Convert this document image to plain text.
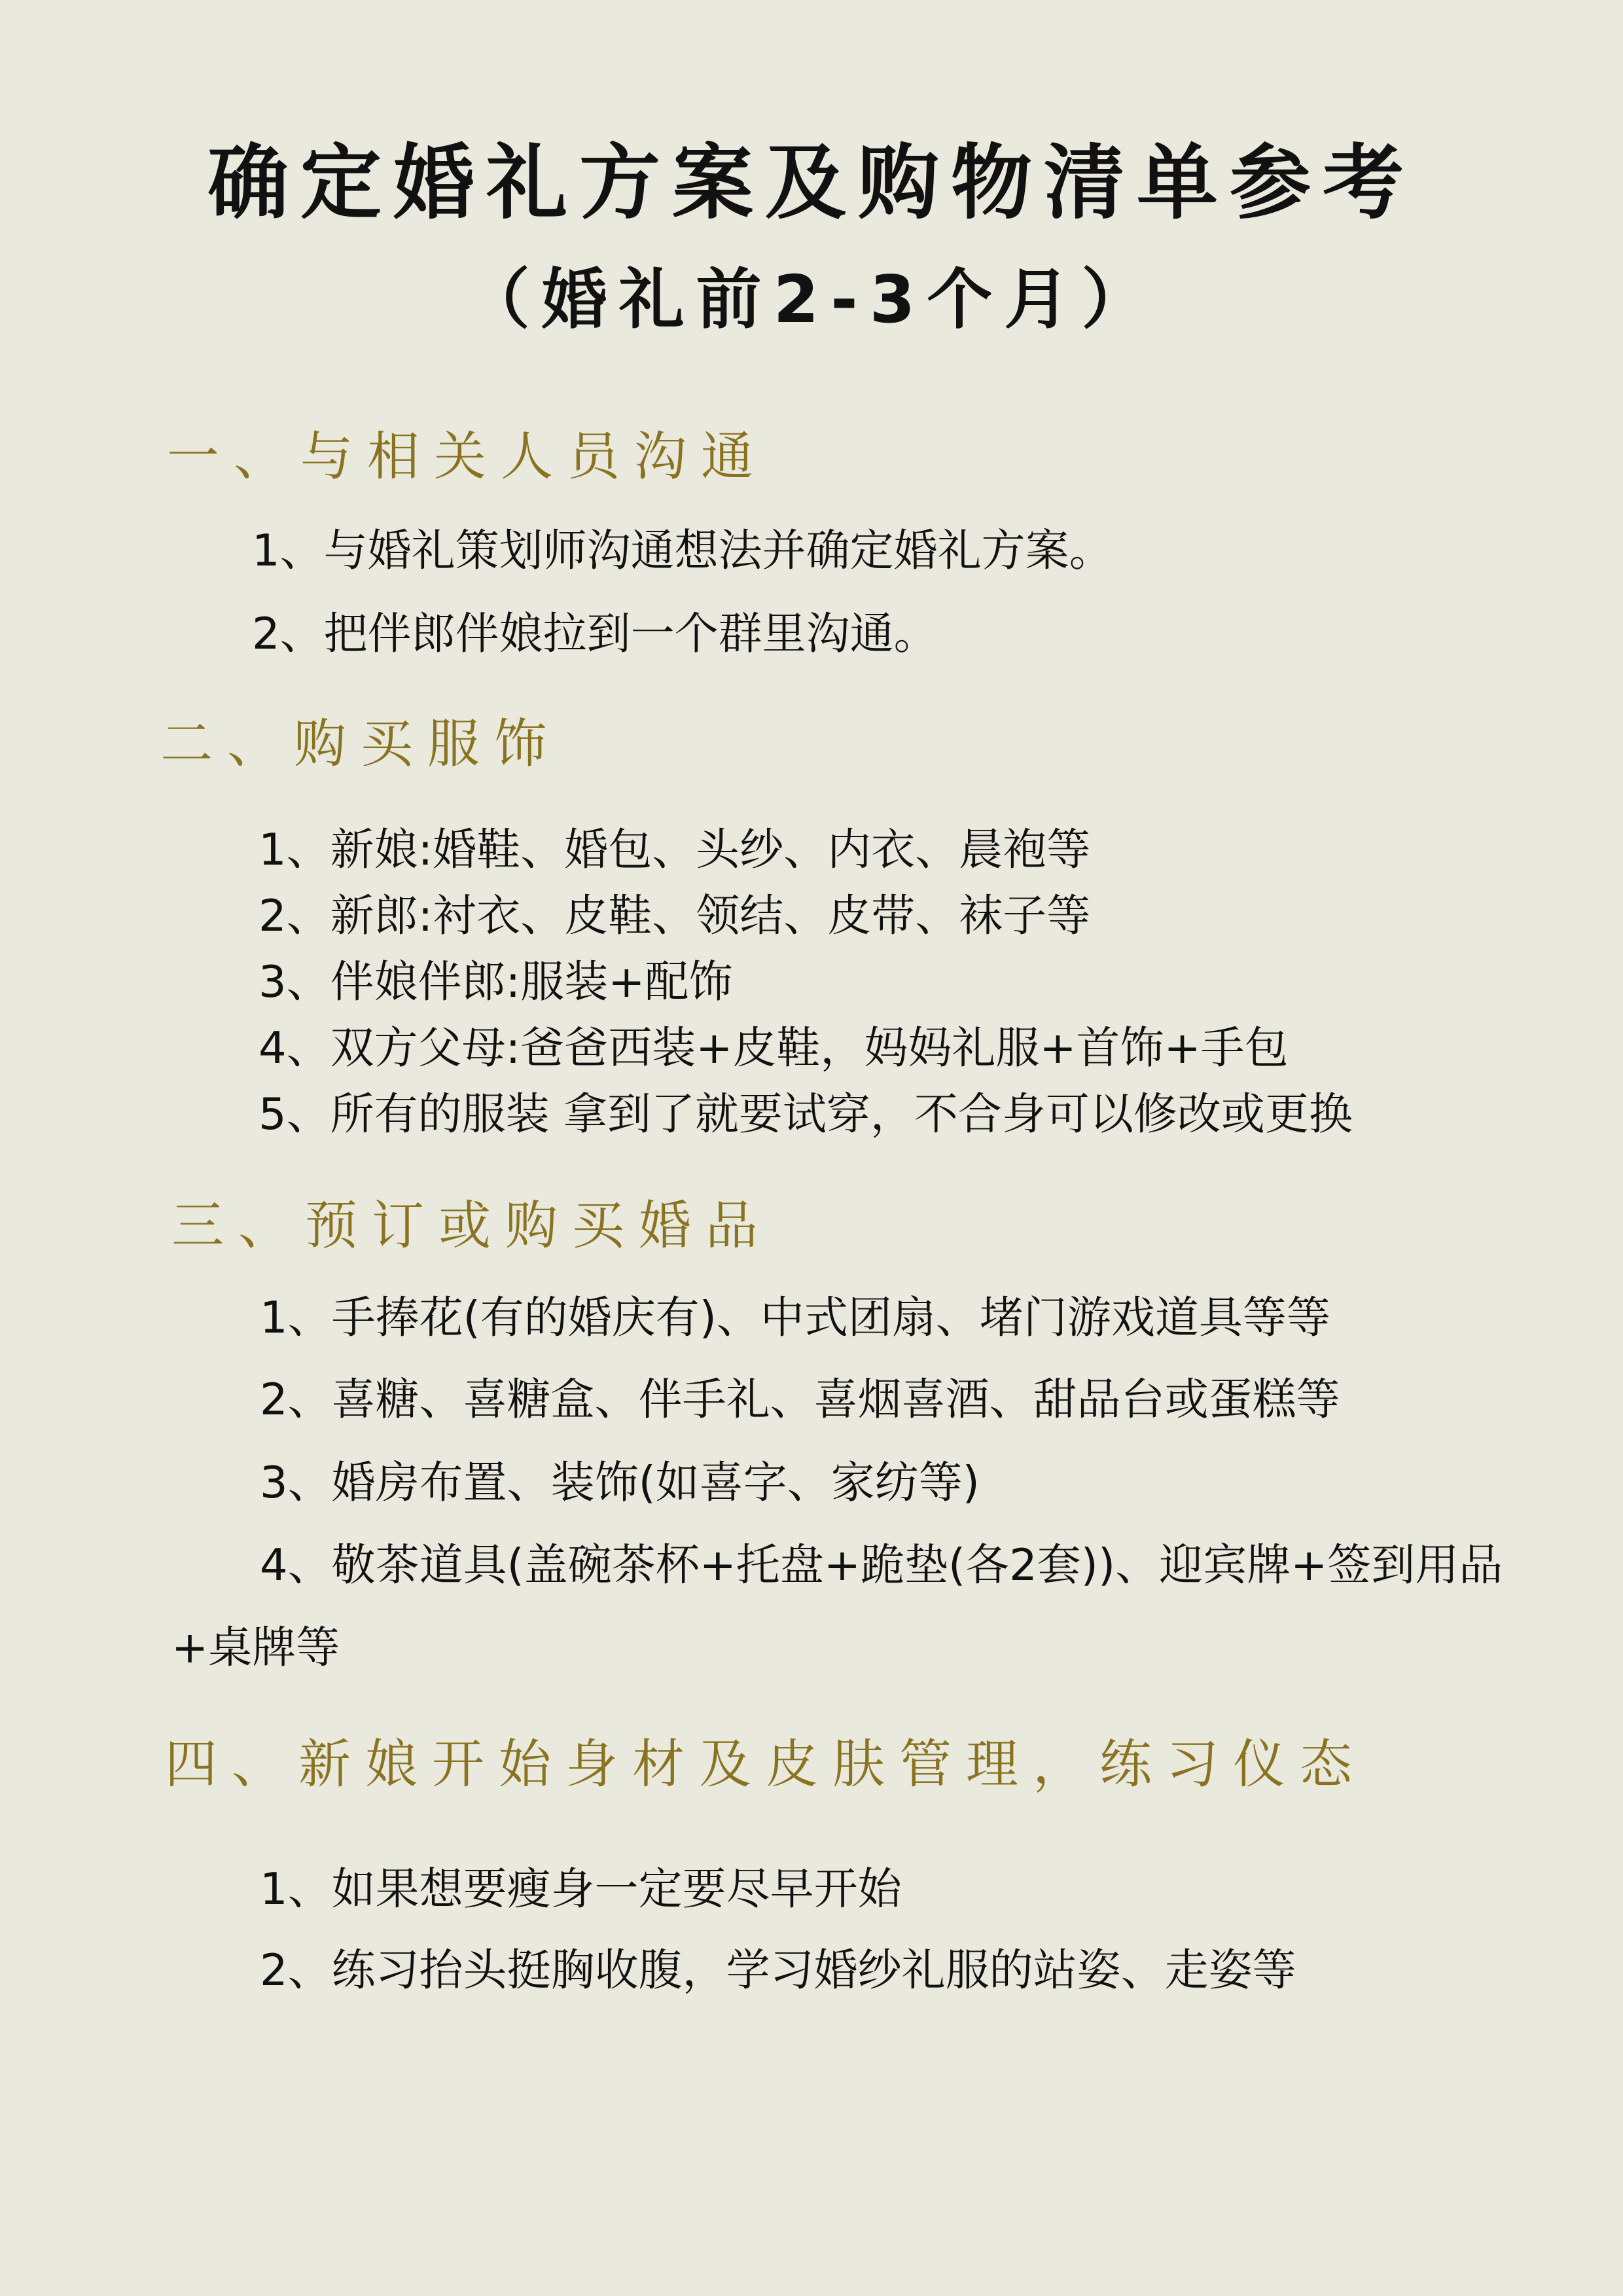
确定婚礼方案及购物清单参考
（婚礼前2-3个月）
一、与相关人员沟通
1、与婚礼策划师沟通想法并确定婚礼方案。
2、把伴郎伴娘拉到一个群里沟通。
二、购买服饰
1、新娘:婚鞋、婚包、头纱、内衣、晨袍等
2、新郎:衬衣、皮鞋、领结、皮带、袜子等
3、伴娘伴郎:服装+配饰
4、双方父母:爸爸西装+皮鞋，妈妈礼服+首饰+手包
5、所有的服装 拿到了就要试穿，不合身可以修改或更换
三、预订或购买婚品
1、手捧花(有的婚庆有)、中式团扇、堵门游戏道具等等
2、喜糖、喜糖盒、伴手礼、喜烟喜酒、甜品台或蛋糕等
3、婚房布置、装饰(如喜字、家纺等)
4、敬茶道具(盖碗茶杯+托盘+跪垫(各2套))、迎宾牌+签到用品+桌牌等
四、新娘开始身材及皮肤管理，练习仪态
1、如果想要瘦身一定要尽早开始
2、练习抬头挺胸收腹，学习婚纱礼服的站姿、走姿等
